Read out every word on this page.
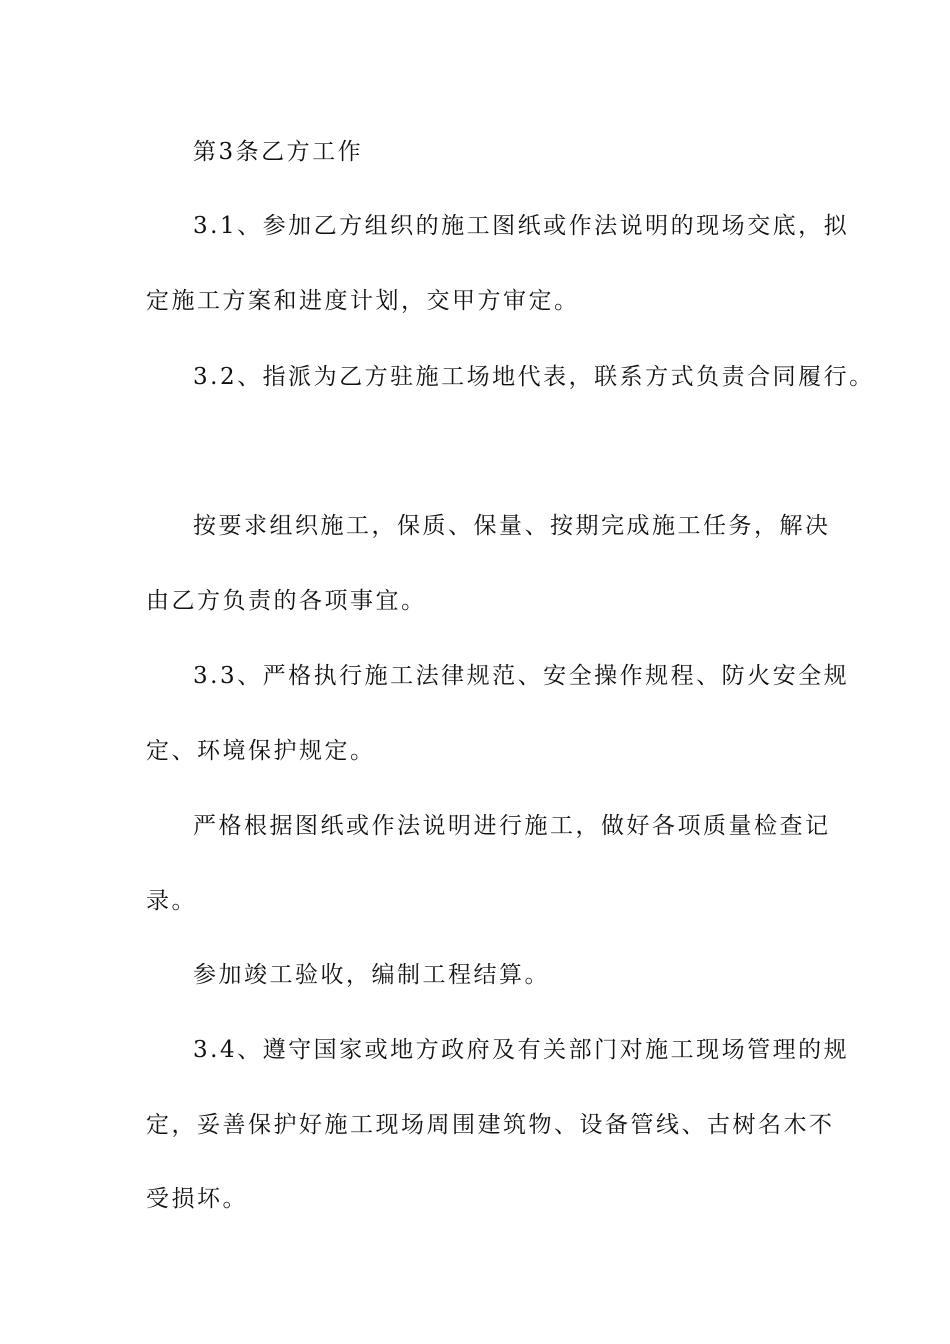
第3条乙方工作
3.1、参加乙方组织的施工图纸或作法说明的现场交底，拟
定施工方案和进度计划，交甲方审定。
3.2、指派为乙方驻施工场地代表，联系方式负责合同履行。
按要求组织施工，保质、保量、按期完成施工任务，解决
由乙方负责的各项事宜。
3.3、严格执行施工法律规范、安全操作规程、防火安全规
定、环境保护规定。
严格根据图纸或作法说明进行施工，做好各项质量检查记
录。
参加竣工验收，编制工程结算。
3.4、遵守国家或地方政府及有关部门对施工现场管理的规
定，妥善保护好施工现场周围建筑物、设备管线、古树名木不
受损坏。
